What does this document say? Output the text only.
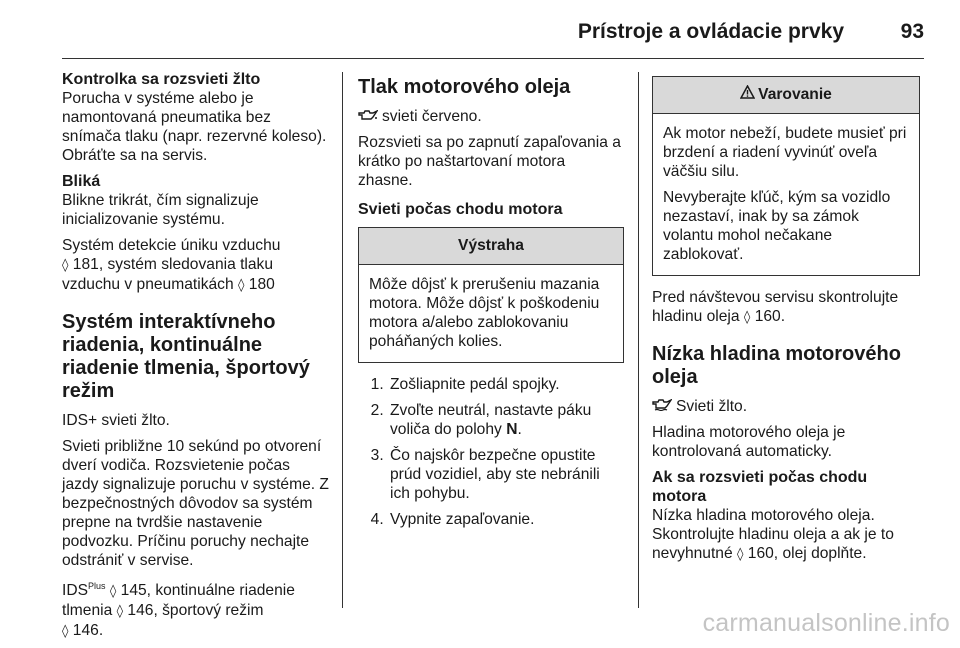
Prístroje a ovládacie prvky	93
Kontrolka sa rozsvieti žlto

Porucha v systéme alebo je namontovaná pneumatika bez snímača tlaku (napr. rezervné koleso). Obráťte sa na servis.

Bliká

Blikne trikrát, čím signalizuje inicializovanie systému.

Systém detekcie úniku vzduchu
◊ 181, systém sledovania tlaku vzduchu v pneumatikách ◊ 180

Systém interaktívneho riadenia, kontinuálne riadenie tlmenia, športový režim

IDS+ svieti žlto.

Svieti približne 10 sekúnd po otvorení dverí vodiča. Rozsvietenie počas jazdy signalizuje poruchu v systéme. Z bezpečnostných dôvodov sa systém prepne na tvrdšie nastavenie podvozku. Príčinu poruchy nechajte odstrániť v servise.

$IDS^{Plus}$ ◊ 145, kontinuálne riadenie tlmenia ◊ 146, športový režim
◊ 146.

Tlak motorového oleja

svieti červeno.

Rozsvieti sa po zapnutí zapaľovania a krátko po naštartovaní motora zhasne.

Svieti počas chodu motora
Výstraha

Môže dôjsť k prerušeniu mazania motora. Môže dôjsť k poškodeniu motora a/alebo zablokovaniu poháňaných kolies.

1. Zošliapnite pedál spojky.
2. Zvoľte neutrál, nastavte páku voliča do polohy N.
3. Čo najskôr bezpečne opustite prúd vozidiel, aby ste nebránili ich pohybu.
4. Vypnite zapaľovanie.
Varovanie

Ak motor nebeží, budete musieť pri brzdení a riadení vyvinúť oveľa väčšiu silu.

Nevyberajte kľúč, kým sa vozidlo nezastaví, inak by sa zámok volantu mohol nečakane zablokovať.

Pred návštevou servisu skontrolujte hladinu oleja ◊ 160.

Nízka hladina motorového oleja

Svieti žlto.

Hladina motorového oleja je kontrolovaná automaticky.

Ak sa rozsvieti počas chodu motora

Nízka hladina motorového oleja. Skontrolujte hladinu oleja a ak je to nevyhnutné ◊ 160, olej doplňte.

carmanualsonline.info
